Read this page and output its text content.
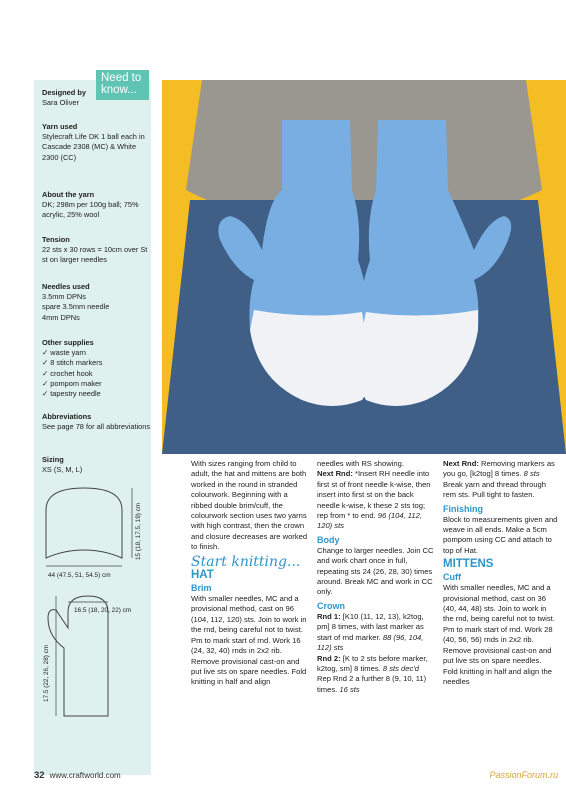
Need to know...
Designed by
Sara Oliver
Yarn used
Stylecraft Life DK 1 ball each in Cascade 2308 (MC) & White 2300 (CC)
About the yarn
DK; 298m per 100g ball; 75% acrylic, 25% wool
Tension
22 sts x 30 rows = 10cm over St st on larger needles
Needles used
3.5mm DPNs
spare 3.5mm needle
4mm DPNs
Other supplies
✓ waste yarn
✓ 8 stitch markers
✓ crochet hook
✓ pompom maker
✓ tapestry needle
Abbreviations
See page 78 for all abbreviations
Sizing
XS (S, M, L)
15 (18, 17.5, 19) cm
44 (47.5, 51, 54.5) cm
16.5 (18, 20, 22) cm
17.5 (22, 26, 28) cm

With sizes ranging from child to adult, the hat and mittens are both worked in the round in stranded colourwork. Beginning with a ribbed double brim/cuff, the colourwork section uses two yarns with high contrast, then the crown and closure decreases are worked to finish.

Start knitting...
HAT
Brim

With smaller needles, MC and a provisional method, cast on 96 (104, 112, 120) sts. Join to work in the rnd, being careful not to twist. Pm to mark start of rnd. Work 16 (24, 32, 40) rnds in 2x2 rib. Remove provisional cast-on and put live sts on spare needles. Fold knitting in half and align

needles with RS showing.

Next Rnd: *Insert RH needle into first st of front needle k-wise, then insert into first st on the back needle k-wise, k these 2 sts tog; rep from * to end. 96 (104, 112, 120) sts

Body

Change to larger needles. Join CC and work chart once in full, repeating sts 24 (26, 28, 30) times around. Break MC and work in CC only.

Crown

Rnd 1: [K10 (11, 12, 13), k2tog, pm] 8 times, with last marker as start of rnd marker. 88 (96, 104, 112) sts

Rnd 2: [K to 2 sts before marker, k2tog, sm] 8 times. 8 sts dec'd

Rep Rnd 2 a further 8 (9, 10, 11) times. 16 sts

Next Rnd: Removing markers as you go, [k2tog] 8 times. 8 sts

Break yarn and thread through rem sts. Pull tight to fasten.

Finishing

Block to measurements given and weave in all ends. Make a 5cm pompom using CC and attach to top of Hat.

MITTENS
Cuff

With smaller needles, MC and a provisional method, cast on 36 (40, 44, 48) sts. Join to work in the rnd, being careful not to twist. Pm to mark start of rnd. Work 28 (40, 56, 56) rnds in 2x2 rib. Remove provisional cast-on and put live sts on spare needles. Fold knitting in half and align the needles

32 www.craftworld.com	PassionForum.ru
